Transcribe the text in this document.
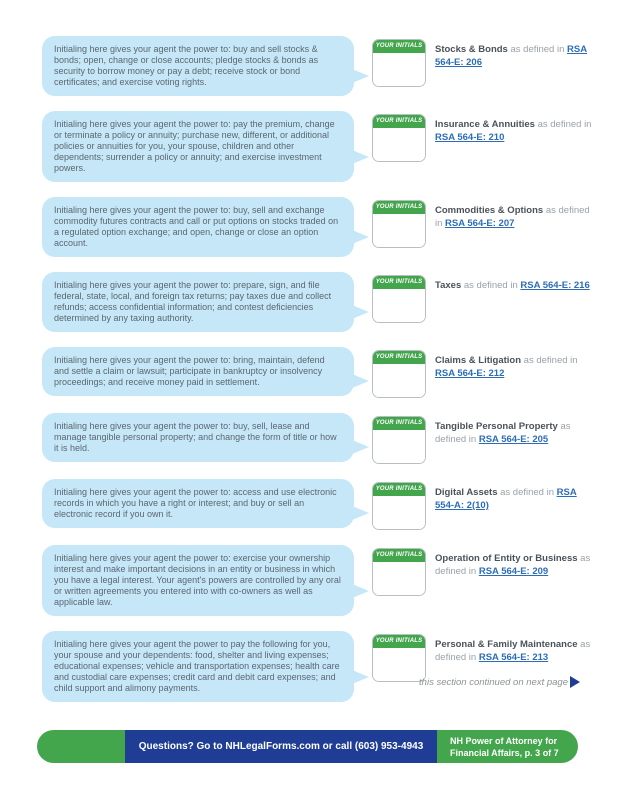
Initialing here gives your agent the power to: buy and sell stocks & bonds; open, change or close accounts; pledge stocks & bonds as security to borrow money or pay a debt; receive stock or bond certificates; and exercise voting rights.
YOUR INITIALS Stocks & Bonds as defined in RSA 564-E: 206
Initialing here gives your agent the power to: pay the premium, change or terminate a policy or annuity; purchase new, different, or additional policies or annuities for you, your spouse, children and other dependents; surrender a policy or annuity; and exercise investment powers.
YOUR INITIALS Insurance & Annuities as defined in RSA 564-E: 210
Initialing here gives your agent the power to: buy, sell and exchange commodity futures contracts and call or put options on stocks traded on a regulated option exchange; and open, change or close an option account.
YOUR INITIALS Commodities & Options as defined in RSA 564-E: 207
Initialing here gives your agent the power to: prepare, sign, and file federal, state, local, and foreign tax returns; pay taxes due and collect refunds; access confidential information; and contest deficiencies determined by any taxing authority.
YOUR INITIALS Taxes as defined in RSA 564-E: 216
Initialing here gives your agent the power to: bring, maintain, defend and settle a claim or lawsuit; participate in bankruptcy or insolvency proceedings; and receive money paid in settlement.
YOUR INITIALS Claims & Litigation as defined in RSA 564-E: 212
Initialing here gives your agent the power to: buy, sell, lease and manage tangible personal property; and change the form of title or how it is held.
YOUR INITIALS Tangible Personal Property as defined in RSA 564-E: 205
Initialing here gives your agent the power to: access and use electronic records in which you have a right or interest; and buy or sell an electronic record if you own it.
YOUR INITIALS Digital Assets as defined in RSA 554-A: 2(10)
Initialing here gives your agent the power to: exercise your ownership interest and make important decisions in an entity or business in which you have a legal interest. Your agent's powers are controlled by any oral or written agreements you entered into with co-owners as well as applicable law.
YOUR INITIALS Operation of Entity or Business as defined in RSA 564-E: 209
Initialing here gives your agent the power to pay the following for you, your spouse and your dependents: food, shelter and living expenses; educational expenses; vehicle and transportation expenses; health care and custodial care expenses; credit card and debit card expenses; and child support and alimony payments.
YOUR INITIALS Personal & Family Maintenance as defined in RSA 564-E: 213
this section continued on next page
Questions? Go to NHLegalForms.com or call (603) 953-4943
NH Power of Attorney for Financial Affairs, p. 3 of 7
